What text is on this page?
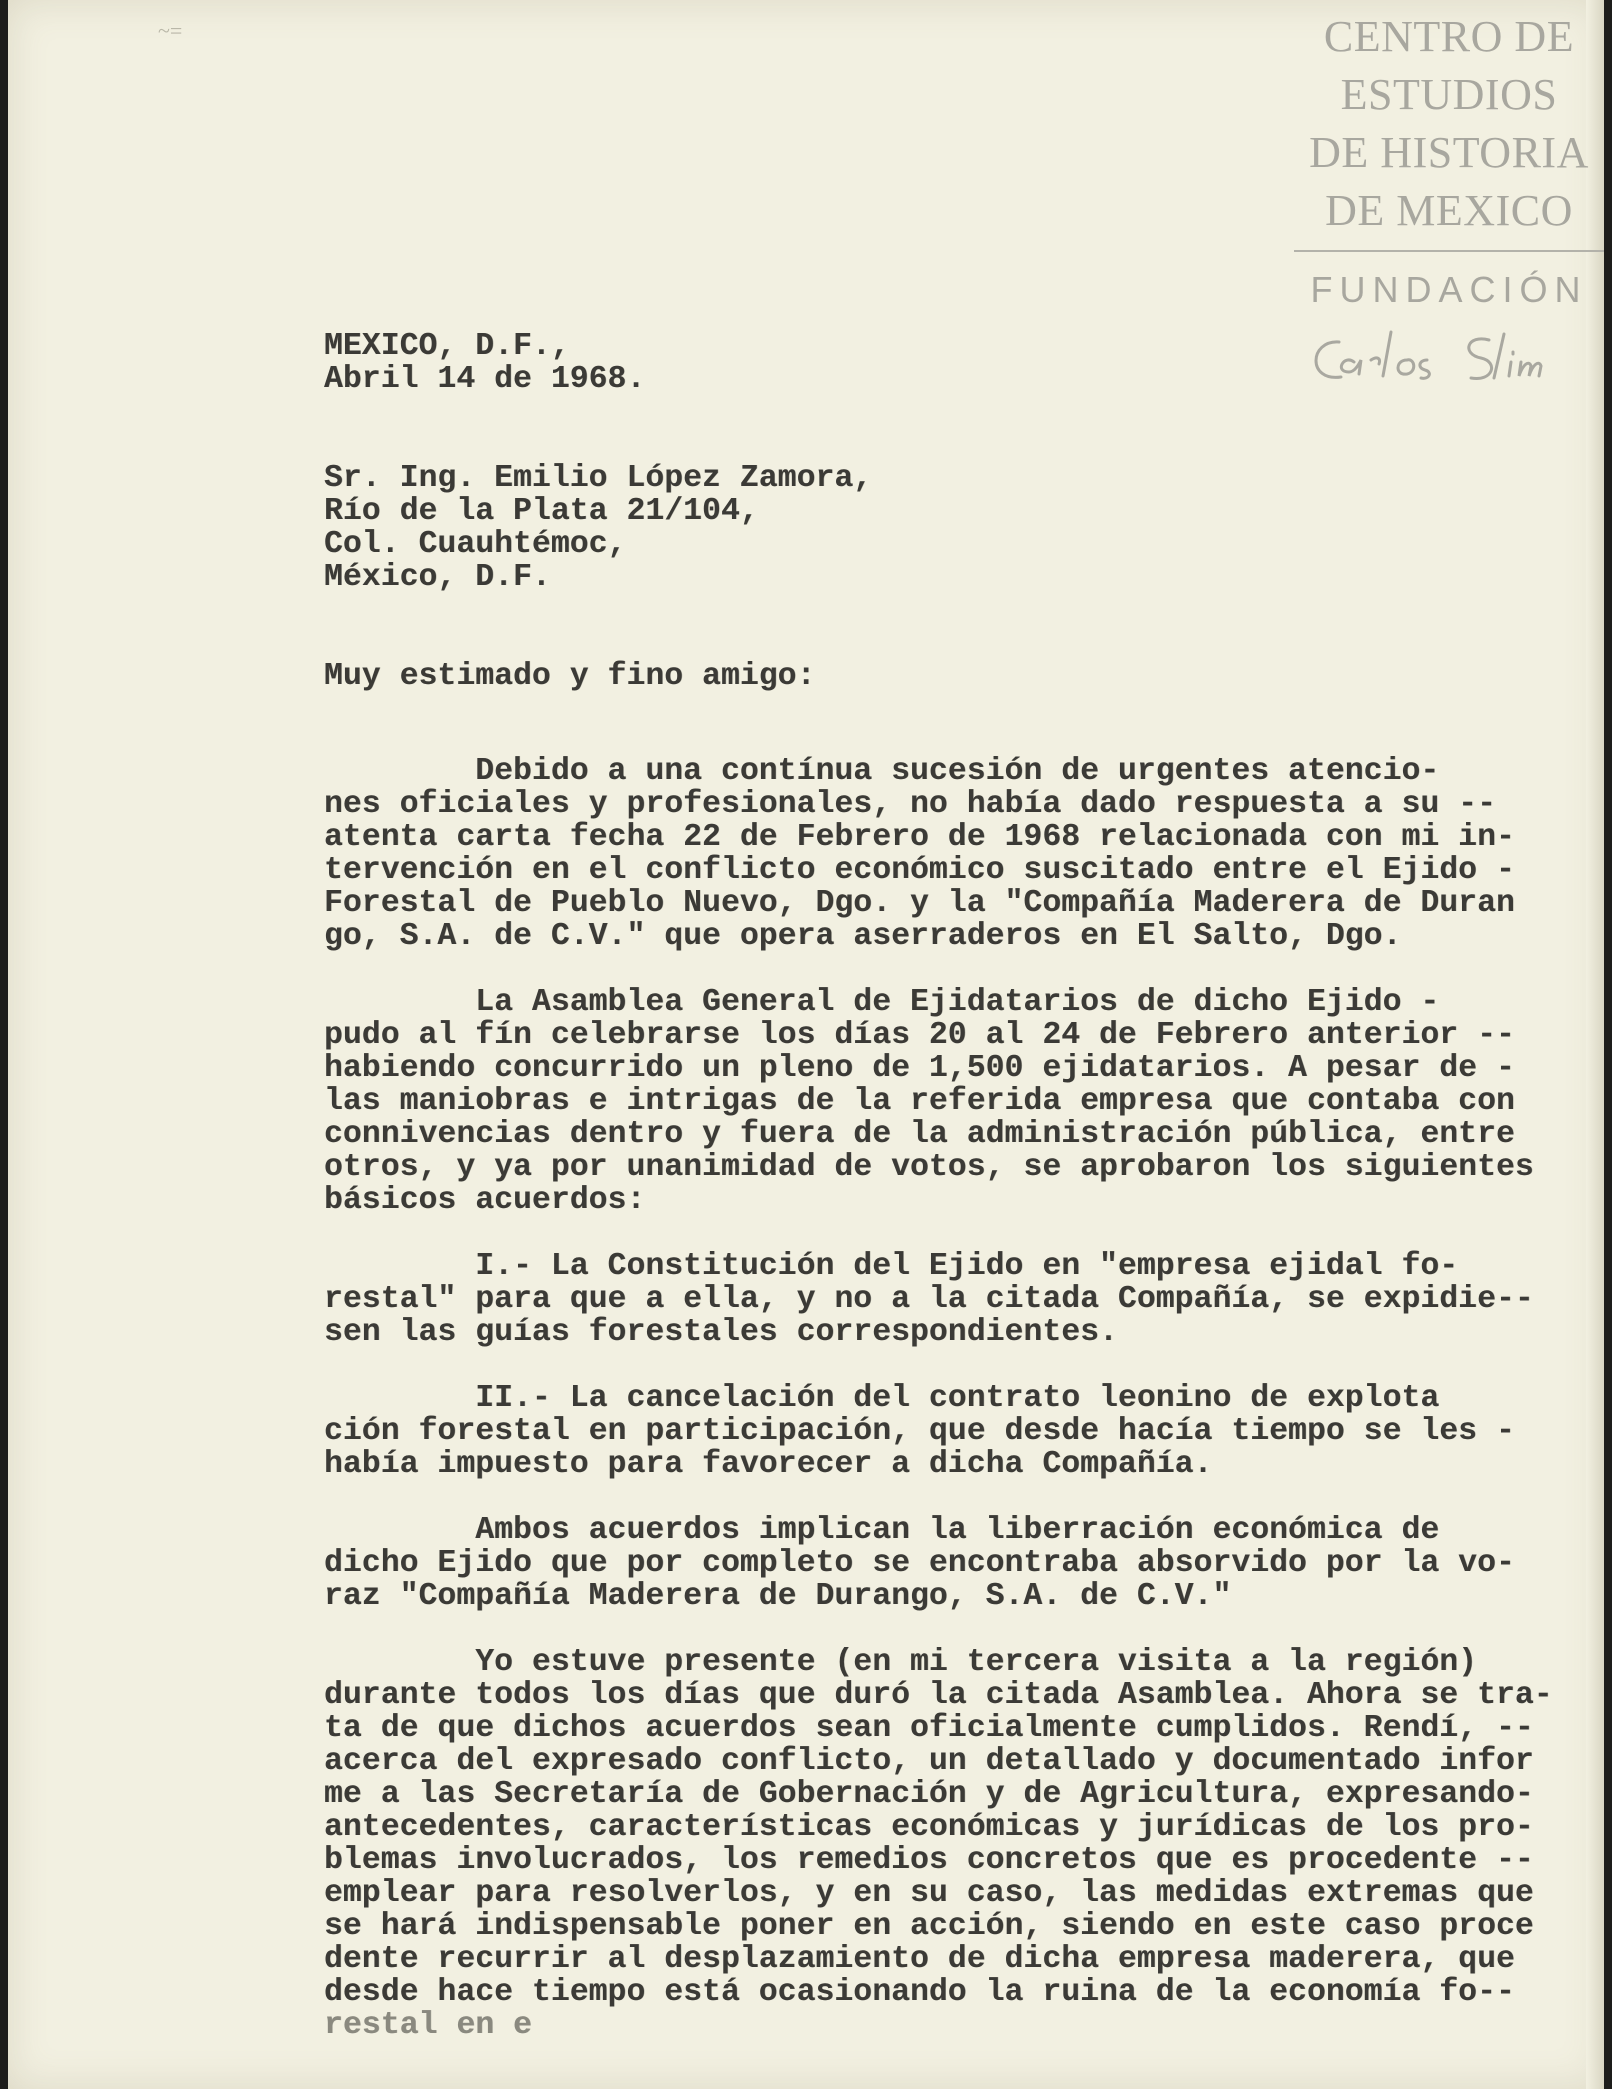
~=	CENTRO DE
ESTUDIOS
DE HISTORIA
DE MEXICO
FUNDACIÓN

MEXICO, D.F.,

Abril 14 de 1968.

Sr. Ing. Emilio López Zamora,

Río de la Plata 21/104,

Col. Cuauhtémoc,

México, D.F.

Muy estimado y fino amigo:

Debido a una contínua sucesión de urgentes atencio-

nes oficiales y profesionales, no había dado respuesta a su --

atenta carta fecha 22 de Febrero de 1968 relacionada con mi in-

tervención en el conflicto económico suscitado entre el Ejido -

Forestal de Pueblo Nuevo, Dgo. y la "Compañía Maderera de Duran

go, S.A. de C.V." que opera aserraderos en El Salto, Dgo.

La Asamblea General de Ejidatarios de dicho Ejido -

pudo al fín celebrarse los días 20 al 24 de Febrero anterior --

habiendo concurrido un pleno de 1,500 ejidatarios. A pesar de -

las maniobras e intrigas de la referida empresa que contaba con

connivencias dentro y fuera de la administración pública, entre

otros, y ya por unanimidad de votos, se aprobaron los siguientes

básicos acuerdos:

I.- La Constitución del Ejido en "empresa ejidal fo-

restal" para que a ella, y no a la citada Compañía, se expidie--

sen las guías forestales correspondientes.

II.- La cancelación del contrato leonino de explota

ción forestal en participación, que desde hacía tiempo se les -

había impuesto para favorecer a dicha Compañía.

Ambos acuerdos implican la liberración económica de

dicho Ejido que por completo se encontraba absorvido por la vo-

raz "Compañía Maderera de Durango, S.A. de C.V."

Yo estuve presente (en mi tercera visita a la región)

durante todos los días que duró la citada Asamblea. Ahora se tra-

ta de que dichos acuerdos sean oficialmente cumplidos. Rendí, --

acerca del expresado conflicto, un detallado y documentado infor

me a las Secretaría de Gobernación y de Agricultura, expresando-

antecedentes, características económicas y jurídicas de los pro-

blemas involucrados, los remedios concretos que es procedente --

emplear para resolverlos, y en su caso, las medidas extremas que

se hará indispensable poner en acción, siendo en este caso proce

dente recurrir al desplazamiento de dicha empresa maderera, que

desde hace tiempo está ocasionando la ruina de la economía fo--

restal en e
